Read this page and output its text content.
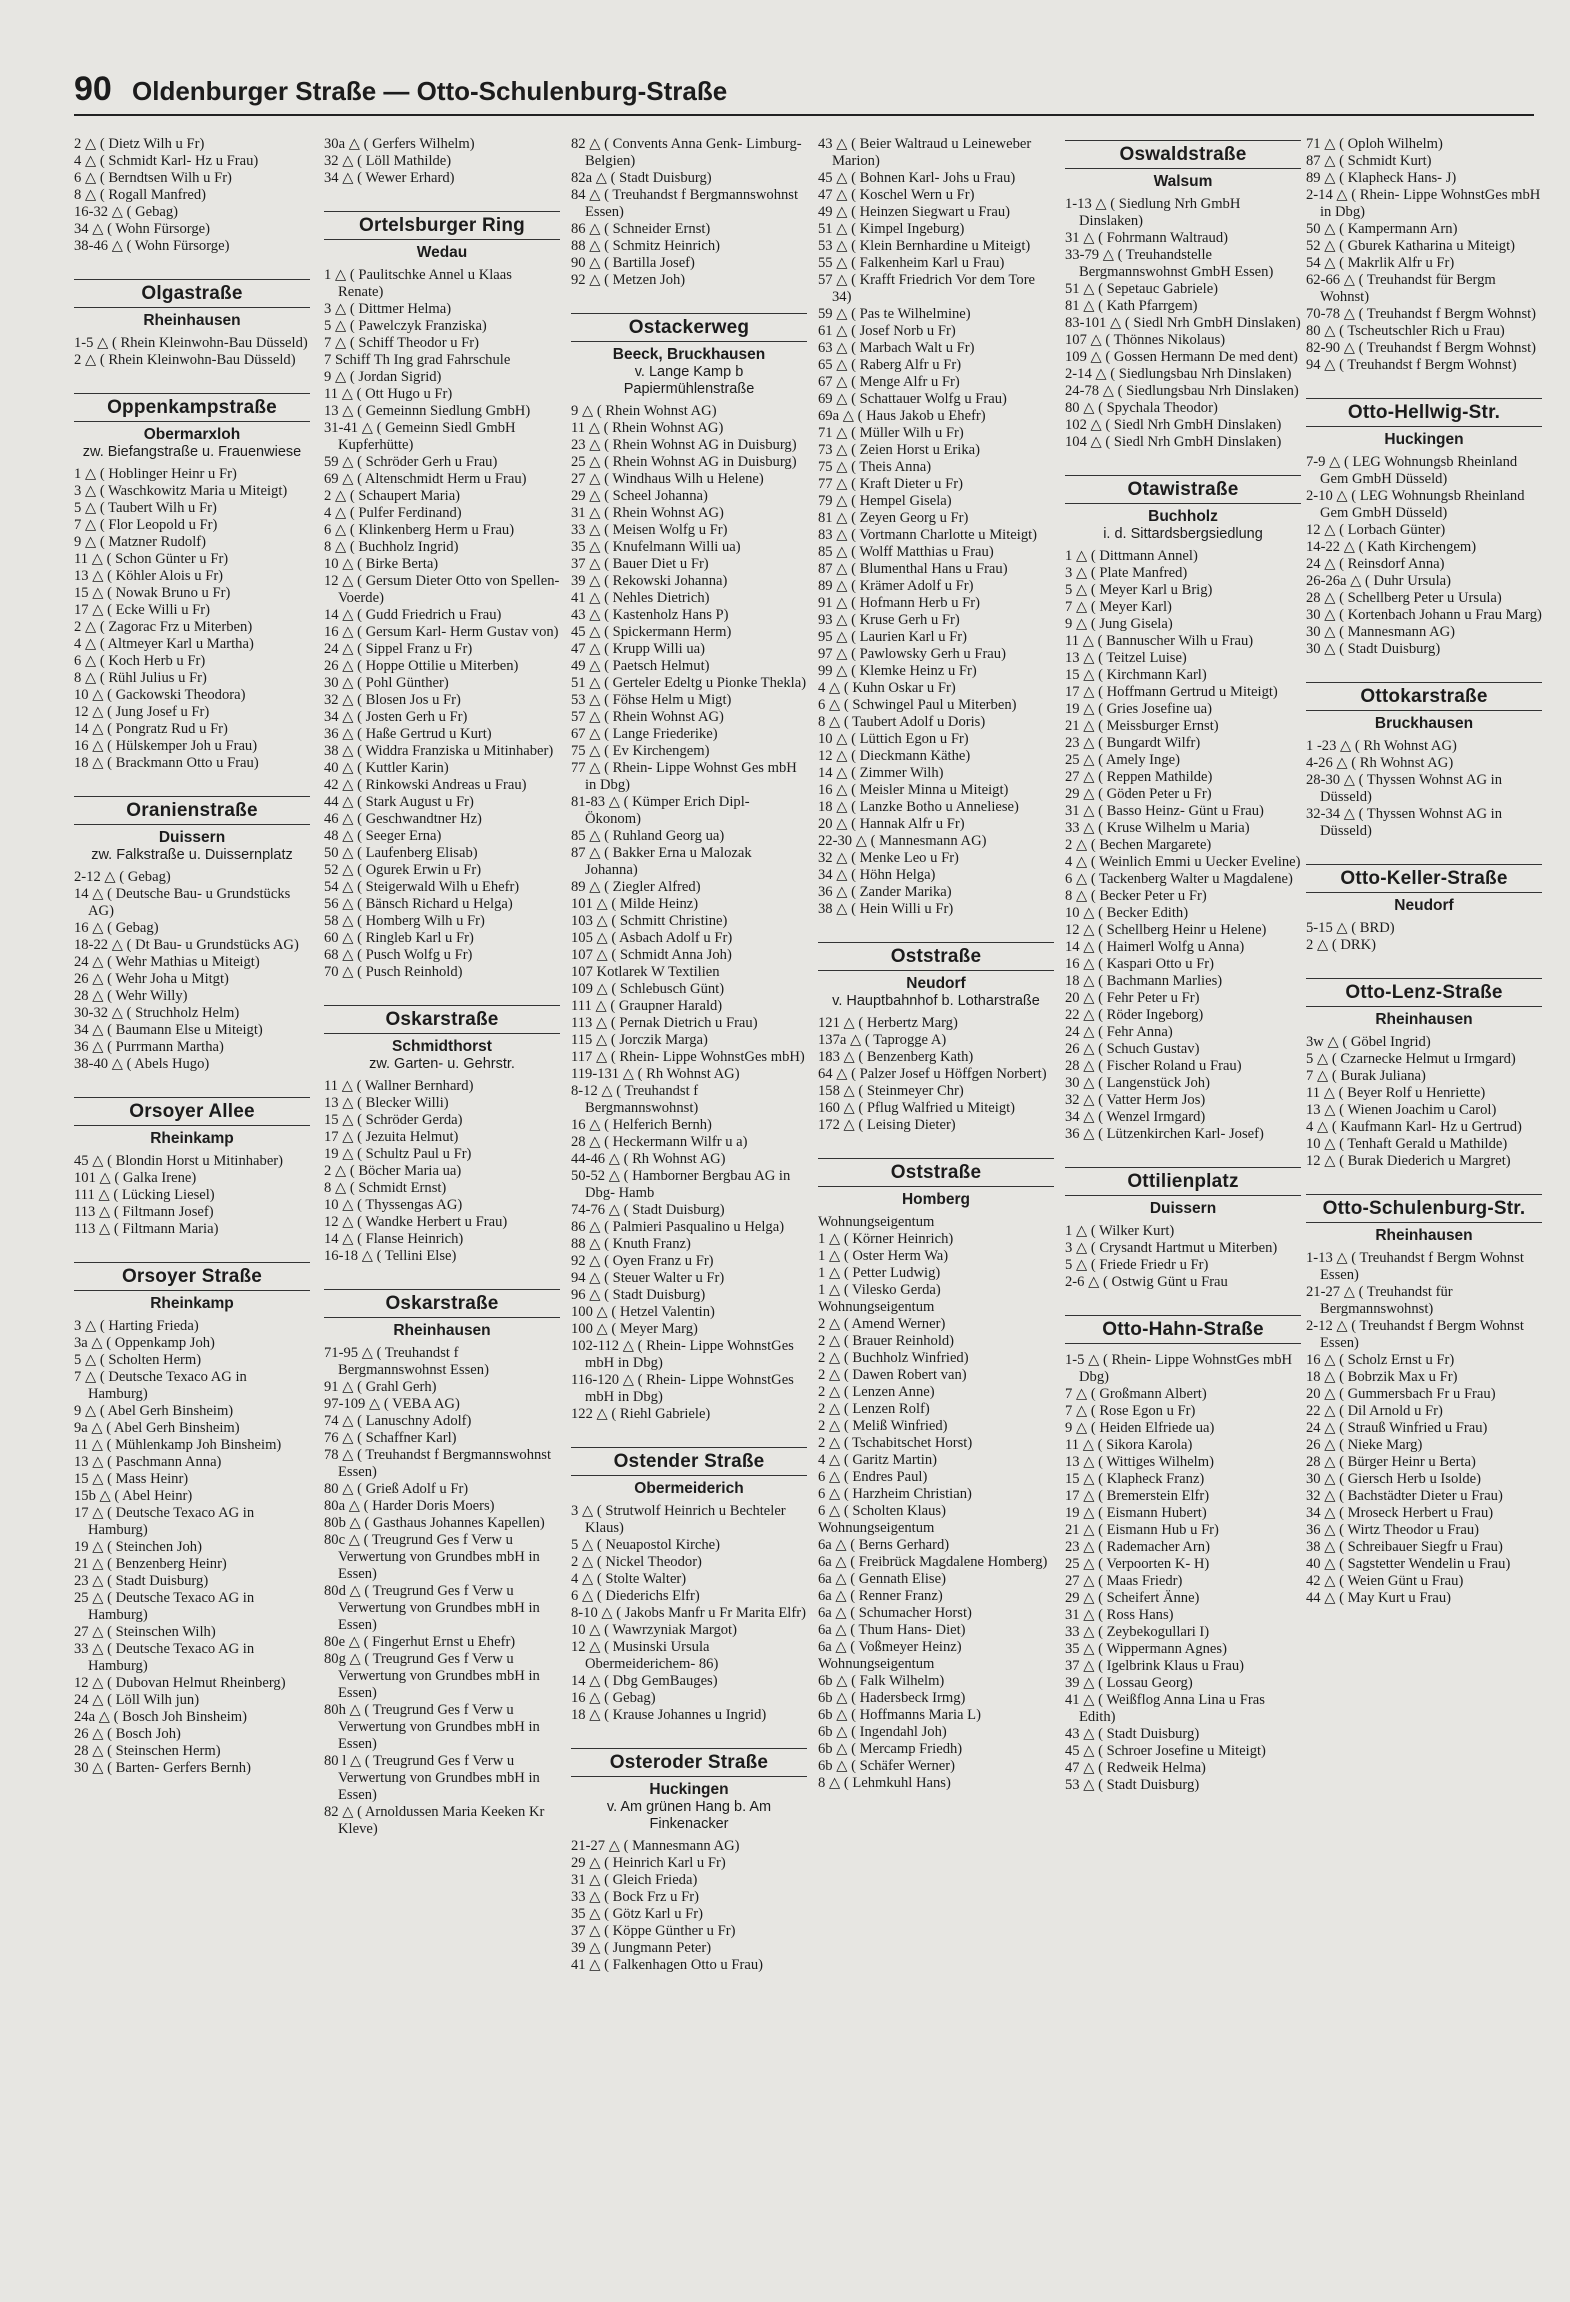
90 Oldenburger Straße — Otto-Schulenburg-Straße

2 △ ( Dietz Wilh u Fr)

4 △ ( Schmidt Karl- Hz u Frau)

6 △ ( Berndtsen Wilh u Fr)

8 △ ( Rogall Manfred)

16-32 △ ( Gebag)

34 △ ( Wohn Fürsorge)

38-46 △ ( Wohn Fürsorge)

Olgastraße
Rheinhausen

1-5 △ ( Rhein Kleinwohn-Bau Düsseld)

2 △ ( Rhein Kleinwohn-Bau Düsseld)

Oppenkampstraße
Obermarxloh
zw. Biefangstraße u. Frauenwiese

1 △ ( Hoblinger Heinr u Fr)

3 △ ( Waschkowitz Maria u Miteigt)

5 △ ( Taubert Wilh u Fr)

7 △ ( Flor Leopold u Fr)

9 △ ( Matzner Rudolf)

11 △ ( Schon Günter u Fr)

13 △ ( Köhler Alois u Fr)

15 △ ( Nowak Bruno u Fr)

17 △ ( Ecke Willi u Fr)

2 △ ( Zagorac Frz u Miterben)

4 △ ( Altmeyer Karl u Martha)

6 △ ( Koch Herb u Fr)

8 △ ( Rühl Julius u Fr)

10 △ ( Gackowski Theodora)

12 △ ( Jung Josef u Fr)

14 △ ( Pongratz Rud u Fr)

16 △ ( Hülskemper Joh u Frau)

18 △ ( Brackmann Otto u Frau)

Oranienstraße
Duissern
zw. Falkstraße u. Duissernplatz

2-12 △ ( Gebag)

14 △ ( Deutsche Bau- u Grundstücks AG)

16 △ ( Gebag)

18-22 △ ( Dt Bau- u Grundstücks AG)

24 △ ( Wehr Mathias u Miteigt)

26 △ ( Wehr Joha u Mitgt)

28 △ ( Wehr Willy)

30-32 △ ( Struchholz Helm)

34 △ ( Baumann Else u Miteigt)

36 △ ( Purrmann Martha)

38-40 △ ( Abels Hugo)

Orsoyer Allee
Rheinkamp

45 △ ( Blondin Horst u Mitinhaber)

101 △ ( Galka Irene)

111 △ ( Lücking Liesel)

113 △ ( Filtmann Josef)

113 △ ( Filtmann Maria)

Orsoyer Straße
Rheinkamp

3 △ ( Harting Frieda)

3a △ ( Oppenkamp Joh)

5 △ ( Scholten Herm)

7 △ ( Deutsche Texaco AG in Hamburg)

9 △ ( Abel Gerh Binsheim)

9a △ ( Abel Gerh Binsheim)

11 △ ( Mühlenkamp Joh Binsheim)

13 △ ( Paschmann Anna)

15 △ ( Mass Heinr)

15b △ ( Abel Heinr)

17 △ ( Deutsche Texaco AG in Hamburg)

19 △ ( Steinchen Joh)

21 △ ( Benzenberg Heinr)

23 △ ( Stadt Duisburg)

25 △ ( Deutsche Texaco AG in Hamburg)

27 △ ( Steinschen Wilh)

33 △ ( Deutsche Texaco AG in Hamburg)

12 △ ( Dubovan Helmut Rheinberg)

24 △ ( Löll Wilh jun)

24a △ ( Bosch Joh Binsheim)

26 △ ( Bosch Joh)

28 △ ( Steinschen Herm)

30 △ ( Barten- Gerfers Bernh)

30a △ ( Gerfers Wilhelm)

32 △ ( Löll Mathilde)

34 △ ( Wewer Erhard)

Ortelsburger Ring
Wedau

1 △ ( Paulitschke Annel u Klaas Renate)

3 △ ( Dittmer Helma)

5 △ ( Pawelczyk Franziska)

7 △ ( Schiff Theodor u Fr)

7 Schiff Th Ing grad Fahrschule

9 △ ( Jordan Sigrid)

11 △ ( Ott Hugo u Fr)

13 △ ( Gemeinnn Siedlung GmbH)

31-41 △ ( Gemeinn Siedl GmbH Kupferhütte)

59 △ ( Schröder Gerh u Frau)

69 △ ( Altenschmidt Herm u Frau)

2 △ ( Schaupert Maria)

4 △ ( Pulfer Ferdinand)

6 △ ( Klinkenberg Herm u Frau)

8 △ ( Buchholz Ingrid)

10 △ ( Birke Berta)

12 △ ( Gersum Dieter Otto von Spellen- Voerde)

14 △ ( Gudd Friedrich u Frau)

16 △ ( Gersum Karl- Herm Gustav von)

24 △ ( Sippel Franz u Fr)

26 △ ( Hoppe Ottilie u Miterben)

30 △ ( Pohl Günther)

32 △ ( Blosen Jos u Fr)

34 △ ( Josten Gerh u Fr)

36 △ ( Haße Gertrud u Kurt)

38 △ ( Widdra Franziska u Mitinhaber)

40 △ ( Kuttler Karin)

42 △ ( Rinkowski Andreas u Frau)

44 △ ( Stark August u Fr)

46 △ ( Geschwandtner Hz)

48 △ ( Seeger Erna)

50 △ ( Laufenberg Elisab)

52 △ ( Ogurek Erwin u Fr)

54 △ ( Steigerwald Wilh u Ehefr)

56 △ ( Bänsch Richard u Helga)

58 △ ( Homberg Wilh u Fr)

60 △ ( Ringleb Karl u Fr)

68 △ ( Pusch Wolfg u Fr)

70 △ ( Pusch Reinhold)

Oskarstraße
Schmidthorst
zw. Garten- u. Gehrstr.

11 △ ( Wallner Bernhard)

13 △ ( Blecker Willi)

15 △ ( Schröder Gerda)

17 △ ( Jezuita Helmut)

19 △ ( Schultz Paul u Fr)

2 △ ( Böcher Maria ua)

8 △ ( Schmidt Ernst)

10 △ ( Thyssengas AG)

12 △ ( Wandke Herbert u Frau)

14 △ ( Flanse Heinrich)

16-18 △ ( Tellini Else)

Oskarstraße
Rheinhausen

71-95 △ ( Treuhandst f Bergmannswohnst Essen)

91 △ ( Grahl Gerh)

97-109 △ ( VEBA AG)

74 △ ( Lanuschny Adolf)

76 △ ( Schaffner Karl)

78 △ ( Treuhandst f Bergmannswohnst Essen)

80 △ ( Grieß Adolf u Fr)

80a △ ( Harder Doris Moers)

80b △ ( Gasthaus Johannes Kapellen)

80c △ ( Treugrund Ges f Verw u Verwertung von Grundbes mbH in Essen)

80d △ ( Treugrund Ges f Verw u Verwertung von Grundbes mbH in Essen)

80e △ ( Fingerhut Ernst u Ehefr)

80g △ ( Treugrund Ges f Verw u Verwertung von Grundbes mbH in Essen)

80h △ ( Treugrund Ges f Verw u Verwertung von Grundbes mbH in Essen)

80 l △ ( Treugrund Ges f Verw u Verwertung von Grundbes mbH in Essen)

82 △ ( Arnoldussen Maria Keeken Kr Kleve)

82 △ ( Convents Anna Genk- Limburg- Belgien)

82a △ ( Stadt Duisburg)

84 △ ( Treuhandst f Bergmannswohnst Essen)

86 △ ( Schneider Ernst)

88 △ ( Schmitz Heinrich)

90 △ ( Bartilla Josef)

92 △ ( Metzen Joh)

Ostackerweg
Beeck, Bruckhausen
v. Lange Kamp b Papiermühlenstraße

9 △ ( Rhein Wohnst AG)

11 △ ( Rhein Wohnst AG)

23 △ ( Rhein Wohnst AG in Duisburg)

25 △ ( Rhein Wohnst AG in Duisburg)

27 △ ( Windhaus Wilh u Helene)

29 △ ( Scheel Johanna)

31 △ ( Rhein Wohnst AG)

33 △ ( Meisen Wolfg u Fr)

35 △ ( Knufelmann Willi ua)

37 △ ( Bauer Diet u Fr)

39 △ ( Rekowski Johanna)

41 △ ( Nehles Dietrich)

43 △ ( Kastenholz Hans P)

45 △ ( Spickermann Herm)

47 △ ( Krupp Willi ua)

49 △ ( Paetsch Helmut)

51 △ ( Gerteler Edeltg u Pionke Thekla)

53 △ ( Föhse Helm u Migt)

57 △ ( Rhein Wohnst AG)

67 △ ( Lange Friederike)

75 △ ( Ev Kirchengem)

77 △ ( Rhein- Lippe Wohnst Ges mbH in Dbg)

81-83 △ ( Kümper Erich Dipl- Ökonom)

85 △ ( Ruhland Georg ua)

87 △ ( Bakker Erna u Malozak Johanna)

89 △ ( Ziegler Alfred)

101 △ ( Milde Heinz)

103 △ ( Schmitt Christine)

105 △ ( Asbach Adolf u Fr)

107 △ ( Schmidt Anna Joh)

107 Kotlarek W Textilien

109 △ ( Schlebusch Günt)

111 △ ( Graupner Harald)

113 △ ( Pernak Dietrich u Frau)

115 △ ( Jorczik Marga)

117 △ ( Rhein- Lippe WohnstGes mbH)

119-131 △ ( Rh Wohnst AG)

8-12 △ ( Treuhandst f Bergmannswohnst)

16 △ ( Helferich Bernh)

28 △ ( Heckermann Wilfr u a)

44-46 △ ( Rh Wohnst AG)

50-52 △ ( Hamborner Bergbau AG in Dbg- Hamb

74-76 △ ( Stadt Duisburg)

86 △ ( Palmieri Pasqualino u Helga)

88 △ ( Knuth Franz)

92 △ ( Oyen Franz u Fr)

94 △ ( Steuer Walter u Fr)

96 △ ( Stadt Duisburg)

100 △ ( Hetzel Valentin)

100 △ ( Meyer Marg)

102-112 △ ( Rhein- Lippe WohnstGes mbH in Dbg)

116-120 △ ( Rhein- Lippe WohnstGes mbH in Dbg)

122 △ ( Riehl Gabriele)

Ostender Straße
Obermeiderich

3 △ ( Strutwolf Heinrich u Bechteler Klaus)

5 △ ( Neuapostol Kirche)

2 △ ( Nickel Theodor)

4 △ ( Stolte Walter)

6 △ ( Diederichs Elfr)

8-10 △ ( Jakobs Manfr u Fr Marita Elfr)

10 △ ( Wawrzyniak Margot)

12 △ ( Musinski Ursula Obermeiderichem- 86)

14 △ ( Dbg GemBauges)

16 △ ( Gebag)

18 △ ( Krause Johannes u Ingrid)

Osteroder Straße
Huckingen
v. Am grünen Hang b. Am Finkenacker

21-27 △ ( Mannesmann AG)

29 △ ( Heinrich Karl u Fr)

31 △ ( Gleich Frieda)

33 △ ( Bock Frz u Fr)

35 △ ( Götz Karl u Fr)

37 △ ( Köppe Günther u Fr)

39 △ ( Jungmann Peter)

41 △ ( Falkenhagen Otto u Frau)

43 △ ( Beier Waltraud u Leineweber Marion)

45 △ ( Bohnen Karl- Johs u Frau)

47 △ ( Koschel Wern u Fr)

49 △ ( Heinzen Siegwart u Frau)

51 △ ( Kimpel Ingeburg)

53 △ ( Klein Bernhardine u Miteigt)

55 △ ( Falkenheim Karl u Frau)

57 △ ( Krafft Friedrich Vor dem Tore 34)

59 △ ( Pas te Wilhelmine)

61 △ ( Josef Norb u Fr)

63 △ ( Marbach Walt u Fr)

65 △ ( Raberg Alfr u Fr)

67 △ ( Menge Alfr u Fr)

69 △ ( Schattauer Wolfg u Frau)

69a △ ( Haus Jakob u Ehefr)

71 △ ( Müller Wilh u Fr)

73 △ ( Zeien Horst u Erika)

75 △ ( Theis Anna)

77 △ ( Kraft Dieter u Fr)

79 △ ( Hempel Gisela)

81 △ ( Zeyen Georg u Fr)

83 △ ( Vortmann Charlotte u Miteigt)

85 △ ( Wolff Matthias u Frau)

87 △ ( Blumenthal Hans u Frau)

89 △ ( Krämer Adolf u Fr)

91 △ ( Hofmann Herb u Fr)

93 △ ( Kruse Gerh u Fr)

95 △ ( Laurien Karl u Fr)

97 △ ( Pawlowsky Gerh u Frau)

99 △ ( Klemke Heinz u Fr)

4 △ ( Kuhn Oskar u Fr)

6 △ ( Schwingel Paul u Miterben)

8 △ ( Taubert Adolf u Doris)

10 △ ( Lüttich Egon u Fr)

12 △ ( Dieckmann Käthe)

14 △ ( Zimmer Wilh)

16 △ ( Meisler Minna u Miteigt)

18 △ ( Lanzke Botho u Anneliese)

20 △ ( Hannak Alfr u Fr)

22-30 △ ( Mannesmann AG)

32 △ ( Menke Leo u Fr)

34 △ ( Höhn Helga)

36 △ ( Zander Marika)

38 △ ( Hein Willi u Fr)

Oststraße
Neudorf
v. Hauptbahnhof b. Lotharstraße

121 △ ( Herbertz Marg)

137a △ ( Taprogge A)

183 △ ( Benzenberg Kath)

64 △ ( Palzer Josef u Höffgen Norbert)

158 △ ( Steinmeyer Chr)

160 △ ( Pflug Walfried u Miteigt)

172 △ ( Leising Dieter)

Oststraße
Homberg

Wohnungseigentum

1 △ ( Körner Heinrich)

1 △ ( Oster Herm Wa)

1 △ ( Petter Ludwig)

1 △ ( Vilesko Gerda)

Wohnungseigentum

2 △ ( Amend Werner)

2 △ ( Brauer Reinhold)

2 △ ( Buchholz Winfried)

2 △ ( Dawen Robert van)

2 △ ( Lenzen Anne)

2 △ ( Lenzen Rolf)

2 △ ( Meliß Winfried)

2 △ ( Tschabitschet Horst)

4 △ ( Garitz Martin)

6 △ ( Endres Paul)

6 △ ( Harzheim Christian)

6 △ ( Scholten Klaus)

Wohnungseigentum

6a △ ( Berns Gerhard)

6a △ ( Freibrück Magdalene Homberg)

6a △ ( Gennath Elise)

6a △ ( Renner Franz)

6a △ ( Schumacher Horst)

6a △ ( Thum Hans- Diet)

6a △ ( Voßmeyer Heinz)

Wohnungseigentum

6b △ ( Falk Wilhelm)

6b △ ( Hadersbeck Irmg)

6b △ ( Hoffmanns Maria L)

6b △ ( Ingendahl Joh)

6b △ ( Mercamp Friedh)

6b △ ( Schäfer Werner)

8 △ ( Lehmkuhl Hans)

Oswaldstraße
Walsum

1-13 △ ( Siedlung Nrh GmbH Dinslaken)

31 △ ( Fohrmann Waltraud)

33-79 △ ( Treuhandstelle Bergmannswohnst GmbH Essen)

51 △ ( Sepetauc Gabriele)

81 △ ( Kath Pfarrgem)

83-101 △ ( Siedl Nrh GmbH Dinslaken)

107 △ ( Thönnes Nikolaus)

109 △ ( Gossen Hermann De med dent)

2-14 △ ( Siedlungsbau Nrh Dinslaken)

24-78 △ ( Siedlungsbau Nrh Dinslaken)

80 △ ( Spychala Theodor)

102 △ ( Siedl Nrh GmbH Dinslaken)

104 △ ( Siedl Nrh GmbH Dinslaken)

Otawistraße
Buchholz
i. d. Sittardsbergsiedlung

1 △ ( Dittmann Annel)

3 △ ( Plate Manfred)

5 △ ( Meyer Karl u Brig)

7 △ ( Meyer Karl)

9 △ ( Jung Gisela)

11 △ ( Bannuscher Wilh u Frau)

13 △ ( Teitzel Luise)

15 △ ( Kirchmann Karl)

17 △ ( Hoffmann Gertrud u Miteigt)

19 △ ( Gries Josefine ua)

21 △ ( Meissburger Ernst)

23 △ ( Bungardt Wilfr)

25 △ ( Amely Inge)

27 △ ( Reppen Mathilde)

29 △ ( Göden Peter u Fr)

31 △ ( Basso Heinz- Günt u Frau)

33 △ ( Kruse Wilhelm u Maria)

2 △ ( Bechen Margarete)

4 △ ( Weinlich Emmi u Uecker Eveline)

6 △ ( Tackenberg Walter u Magdalene)

8 △ ( Becker Peter u Fr)

10 △ ( Becker Edith)

12 △ ( Schellberg Heinr u Helene)

14 △ ( Haimerl Wolfg u Anna)

16 △ ( Kaspari Otto u Fr)

18 △ ( Bachmann Marlies)

20 △ ( Fehr Peter u Fr)

22 △ ( Röder Ingeborg)

24 △ ( Fehr Anna)

26 △ ( Schuch Gustav)

28 △ ( Fischer Roland u Frau)

30 △ ( Langenstück Joh)

32 △ ( Vatter Herm Jos)

34 △ ( Wenzel Irmgard)

36 △ ( Lützenkirchen Karl- Josef)

Ottilienplatz
Duissern

1 △ ( Wilker Kurt)

3 △ ( Crysandt Hartmut u Miterben)

5 △ ( Friede Friedr u Fr)

2-6 △ ( Ostwig Günt u Frau

Otto-Hahn-Straße

1-5 △ ( Rhein- Lippe WohnstGes mbH Dbg)

7 △ ( Großmann Albert)

7 △ ( Rose Egon u Fr)

9 △ ( Heiden Elfriede ua)

11 △ ( Sikora Karola)

13 △ ( Wittiges Wilhelm)

15 △ ( Klapheck Franz)

17 △ ( Bremerstein Elfr)

19 △ ( Eismann Hubert)

21 △ ( Eismann Hub u Fr)

23 △ ( Rademacher Arn)

25 △ ( Verpoorten K- H)

27 △ ( Maas Friedr)

29 △ ( Scheifert Änne)

31 △ ( Ross Hans)

33 △ ( Zeybekogullari I)

35 △ ( Wippermann Agnes)

37 △ ( Igelbrink Klaus u Frau)

39 △ ( Lossau Georg)

41 △ ( Weißflog Anna Lina u Fras Edith)

43 △ ( Stadt Duisburg)

45 △ ( Schroer Josefine u Miteigt)

47 △ ( Redweik Helma)

53 △ ( Stadt Duisburg)

71 △ ( Oploh Wilhelm)

87 △ ( Schmidt Kurt)

89 △ ( Klapheck Hans- J)

2-14 △ ( Rhein- Lippe WohnstGes mbH in Dbg)

50 △ ( Kampermann Arn)

52 △ ( Gburek Katharina u Miteigt)

54 △ ( Makrlik Alfr u Fr)

62-66 △ ( Treuhandst für Bergm Wohnst)

70-78 △ ( Treuhandst f Bergm Wohnst)

80 △ ( Tscheutschler Rich u Frau)

82-90 △ ( Treuhandst f Bergm Wohnst)

94 △ ( Treuhandst f Bergm Wohnst)

Otto-Hellwig-Str.
Huckingen

7-9 △ ( LEG Wohnungsb Rheinland Gem GmbH Düsseld)

2-10 △ ( LEG Wohnungsb Rheinland Gem GmbH Düsseld)

12 △ ( Lorbach Günter)

14-22 △ ( Kath Kirchengem)

24 △ ( Reinsdorf Anna)

26-26a △ ( Duhr Ursula)

28 △ ( Schellberg Peter u Ursula)

30 △ ( Kortenbach Johann u Frau Marg)

30 △ ( Mannesmann AG)

30 △ ( Stadt Duisburg)

Ottokarstraße
Bruckhausen

1 -23 △ ( Rh Wohnst AG)

4-26 △ ( Rh Wohnst AG)

28-30 △ ( Thyssen Wohnst AG in Düsseld)

32-34 △ ( Thyssen Wohnst AG in Düsseld)

Otto-Keller-Straße
Neudorf

5-15 △ ( BRD)

2 △ ( DRK)

Otto-Lenz-Straße
Rheinhausen

3w △ ( Göbel Ingrid)

5 △ ( Czarnecke Helmut u Irmgard)

7 △ ( Burak Juliana)

11 △ ( Beyer Rolf u Henriette)

13 △ ( Wienen Joachim u Carol)

4 △ ( Kaufmann Karl- Hz u Gertrud)

10 △ ( Tenhaft Gerald u Mathilde)

12 △ ( Burak Diederich u Margret)

Otto-Schulenburg-Str.
Rheinhausen

1-13 △ ( Treuhandst f Bergm Wohnst Essen)

21-27 △ ( Treuhandst für Bergmannswohnst)

2-12 △ ( Treuhandst f Bergm Wohnst Essen)

16 △ ( Scholz Ernst u Fr)

18 △ ( Bobrzik Max u Fr)

20 △ ( Gummersbach Fr u Frau)

22 △ ( Dil Arnold u Fr)

24 △ ( Strauß Winfried u Frau)

26 △ ( Nieke Marg)

28 △ ( Bürger Heinr u Berta)

30 △ ( Giersch Herb u Isolde)

32 △ ( Bachstädter Dieter u Frau)

34 △ ( Mroseck Herbert u Frau)

36 △ ( Wirtz Theodor u Frau)

38 △ ( Schreibauer Siegfr u Frau)

40 △ ( Sagstetter Wendelin u Frau)

42 △ ( Weien Günt u Frau)

44 △ ( May Kurt u Frau)
